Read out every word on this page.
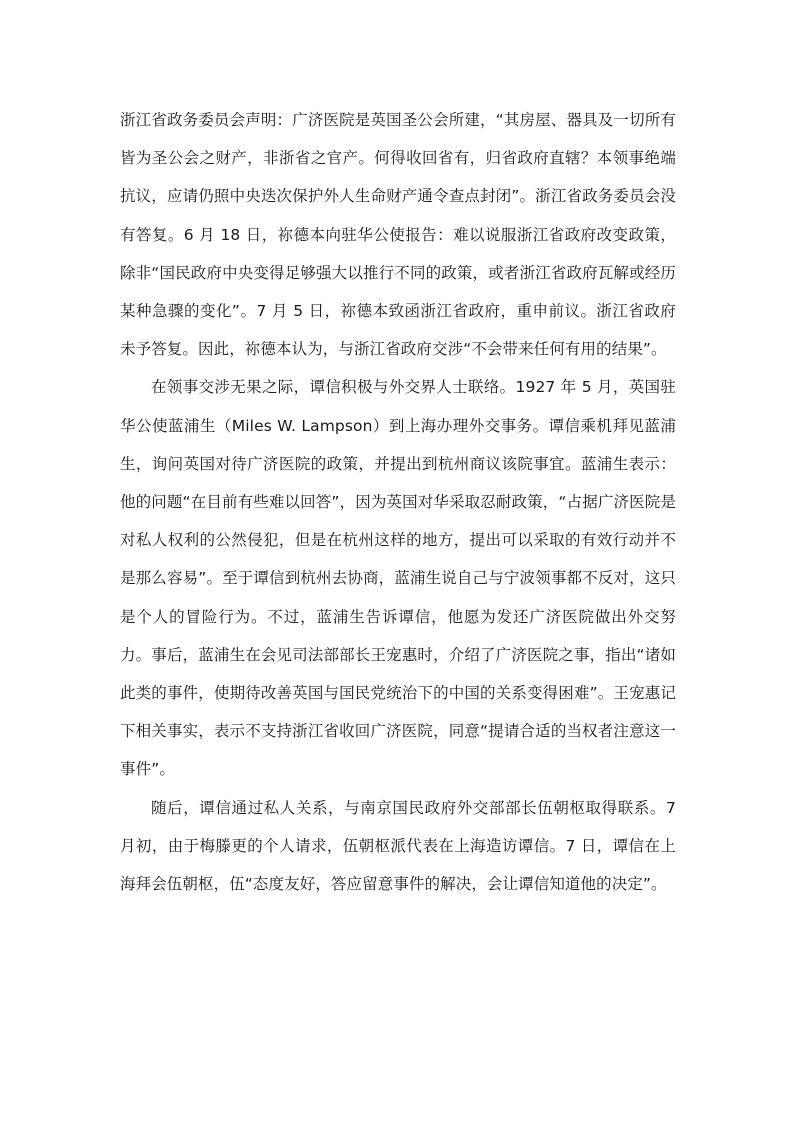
浙江省政务委员会声明：广济医院是英国圣公会所建，“其房屋、器具及一切所有皆为圣公会之财产，非浙省之官产。何得收回省有，归省政府直辖？本领事绝端抗议，应请仍照中央迭次保护外人生命财产通令查点封闭”。浙江省政务委员会没有答复。6 月 18 日，祢德本向驻华公使报告：难以说服浙江省政府改变政策，除非“国民政府中央变得足够强大以推行不同的政策，或者浙江省政府瓦解或经历某种急骤的变化”。7 月 5 日，祢德本致函浙江省政府，重申前议。浙江省政府未予答复。因此，祢德本认为，与浙江省政府交涉“不会带来任何有用的结果”。

在领事交涉无果之际，谭信积极与外交界人士联络。1927 年 5 月，英国驻华公使蓝浦生（Miles W. Lampson）到上海办理外交事务。谭信乘机拜见蓝浦生，询问英国对待广济医院的政策，并提出到杭州商议该院事宜。蓝浦生表示：他的问题“在目前有些难以回答”，因为英国对华采取忍耐政策，“占据广济医院是对私人权利的公然侵犯，但是在杭州这样的地方，提出可以采取的有效行动并不是那么容易”。至于谭信到杭州去协商，蓝浦生说自己与宁波领事都不反对，这只是个人的冒险行为。不过，蓝浦生告诉谭信，他愿为发还广济医院做出外交努力。事后，蓝浦生在会见司法部部长王宠惠时，介绍了广济医院之事，指出“诸如此类的事件，使期待改善英国与国民党统治下的中国的关系变得困难”。王宠惠记下相关事实，表示不支持浙江省收回广济医院，同意“提请合适的当权者注意这一事件”。

随后，谭信通过私人关系，与南京国民政府外交部部长伍朝枢取得联系。7 月初，由于梅滕更的个人请求，伍朝枢派代表在上海造访谭信。7 日，谭信在上海拜会伍朝枢，伍“态度友好，答应留意事件的解决，会让谭信知道他的决定”。
